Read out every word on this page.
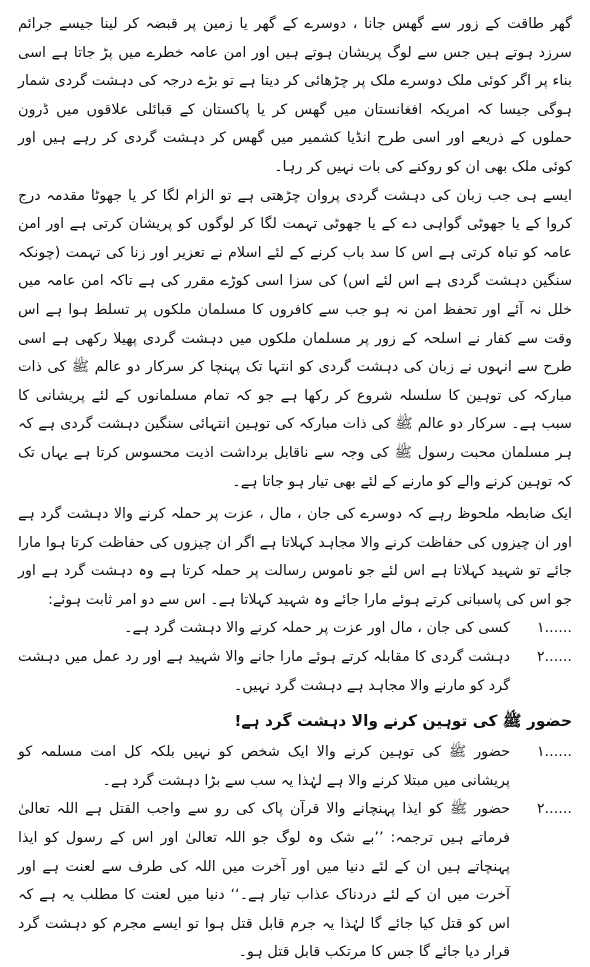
گھر طاقت کے زور سے گھس جانا ، دوسرے کے گھر یا زمین پر قبضہ کر لینا جیسے جرائم سرزد ہوتے ہیں جس سے لوگ پریشان ہوتے ہیں اور امن عامہ خطرے میں پڑ جاتا ہے اسی بناء پر اگر کوئی ملک دوسرے ملک پر چڑھائی کر دیتا ہے تو بڑے درجہ کی دہشت گردی شمار ہوگی جیسا کہ امریکہ افغانستان میں گھس کر یا پاکستان کے قبائلی علاقوں میں ڈرون حملوں کے ذریعے اور اسی طرح انڈیا کشمیر میں گھس کر دہشت گردی کر رہے ہیں اور کوئی ملک بھی ان کو روکنے کی بات نہیں کر رہا۔

ایسے ہی جب زبان کی دہشت گردی پروان چڑھتی ہے تو الزام لگا کر یا جھوٹا مقدمہ درج کروا کے یا جھوٹی گواہی دے کے یا جھوٹی تہمت لگا کر لوگوں کو پریشان کرتی ہے اور امن عامہ کو تباہ کرتی ہے اس کا سد باب کرنے کے لئے اسلام نے تعزیر اور زنا کی تہمت (چونکہ سنگین دہشت گردی ہے اس لئے اس) کی سزا اسی کوڑے مقرر کی ہے تاکہ امن عامہ میں خلل نہ آئے اور تحفظ امن نہ ہو جب سے کافروں کا مسلمان ملکوں پر تسلط ہوا ہے اس وقت سے کفار نے اسلحہ کے زور پر مسلمان ملکوں میں دہشت گردی پھیلا رکھی ہے اسی طرح سے انہوں نے زبان کی دہشت گردی کو انتہا تک پہنچا کر سرکار دو عالم ﷺ کی ذات مبارکہ کی توہین کا سلسلہ شروع کر رکھا ہے جو کہ تمام مسلمانوں کے لئے پریشانی کا سبب ہے۔ سرکار دو عالم ﷺ کی ذات مبارکہ کی توہین انتہائی سنگین دہشت گردی ہے کہ ہر مسلمان محبت رسول ﷺ کی وجہ سے ناقابل برداشت اذیت محسوس کرتا ہے یہاں تک کہ توہین کرنے والے کو مارنے کے لئے بھی تیار ہو جاتا ہے۔

ایک ضابطہ ملحوظ رہے کہ دوسرے کی جان ، مال ، عزت پر حملہ کرنے والا دہشت گرد ہے اور ان چیزوں کی حفاظت کرنے والا مجاہد کہلاتا ہے اگر ان چیزوں کی حفاظت کرتا ہوا مارا جائے تو شہید کہلاتا ہے اس لئے جو ناموس رسالت پر حملہ کرتا ہے وہ دہشت گرد ہے اور جو اس کی پاسبانی کرتے ہوئے مارا جائے وہ شہید کہلاتا ہے۔ اس سے دو امر ثابت ہوئے:

۱......
کسی کی جان ، مال اور عزت پر حملہ کرنے والا دہشت گرد ہے۔
۲......
دہشت گردی کا مقابلہ کرتے ہوئے مارا جانے والا شہید ہے اور رد عمل میں دہشت گرد کو مارنے والا مجاہد ہے دہشت گرد نہیں۔
حضور ﷺ کی توہین کرنے والا دہشت گرد ہے!
۱......
حضور ﷺ کی توہین کرنے والا ایک شخص کو نہیں بلکہ کل امت مسلمہ کو پریشانی میں مبتلا کرنے والا ہے لہٰذا یہ سب سے بڑا دہشت گرد ہے۔
۲......
حضور ﷺ کو ایذا پہنچانے والا قرآن پاک کی رو سے واجب القتل ہے اللہ تعالیٰ فرماتے ہیں ترجمہ: ’’بے شک وہ لوگ جو اللہ تعالیٰ اور اس کے رسول کو ایذا پہنچاتے ہیں ان کے لئے دنیا میں اور آخرت میں اللہ کی طرف سے لعنت ہے اور آخرت میں ان کے لئے دردناک عذاب تیار ہے۔‘‘ دنیا میں لعنت کا مطلب یہ ہے کہ اس کو قتل کیا جائے گا لہٰذا یہ جرم قابل قتل ہوا تو ایسے مجرم کو دہشت گرد قرار دیا جائے گا جس کا مرتکب قابل قتل ہو۔
